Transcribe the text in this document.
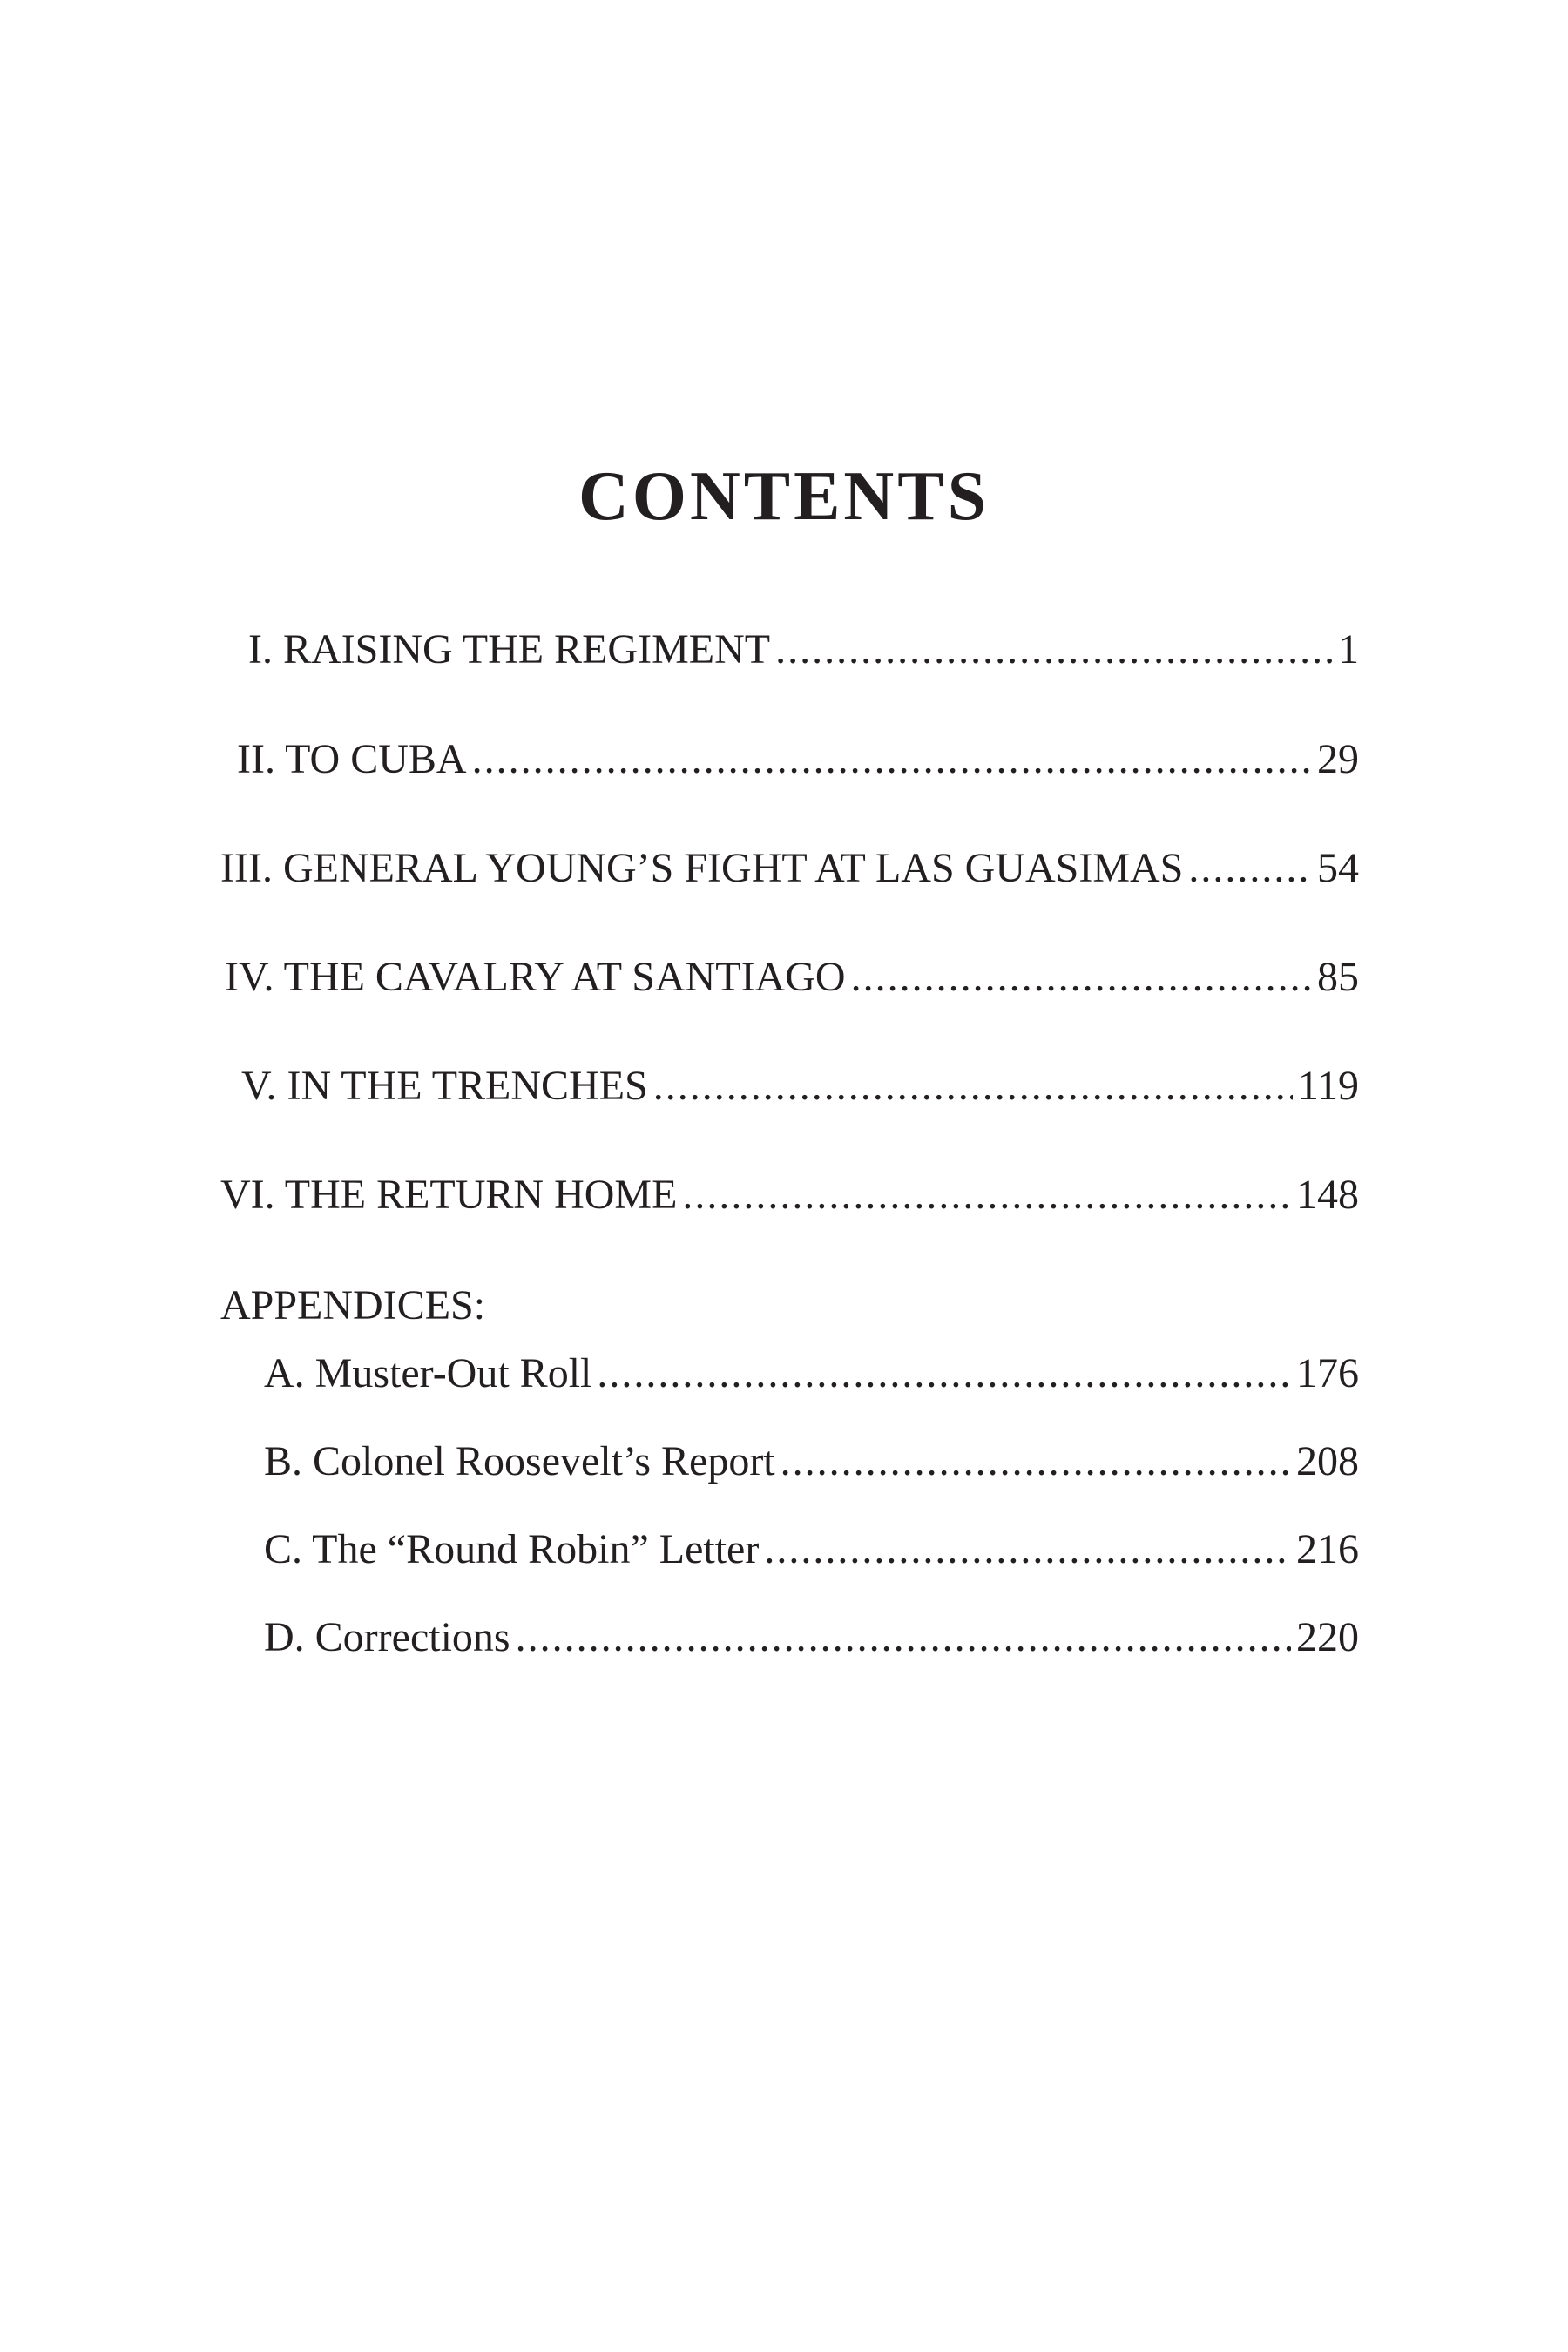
CONTENTS
I. RAISING THE REGIMENT .....	1
II. TO CUBA .....	29
III. GENERAL YOUNG’S FIGHT AT LAS GUASIMAS .....	54
IV. THE CAVALRY AT SANTIAGO .....	85
V. IN THE TRENCHES .....	119
VI. THE RETURN HOME .....	148
APPENDICES:
A. Muster-Out Roll .....	176
B. Colonel Roosevelt’s Report .....	208
C. The “Round Robin” Letter .....	216
D. Corrections .....	220
